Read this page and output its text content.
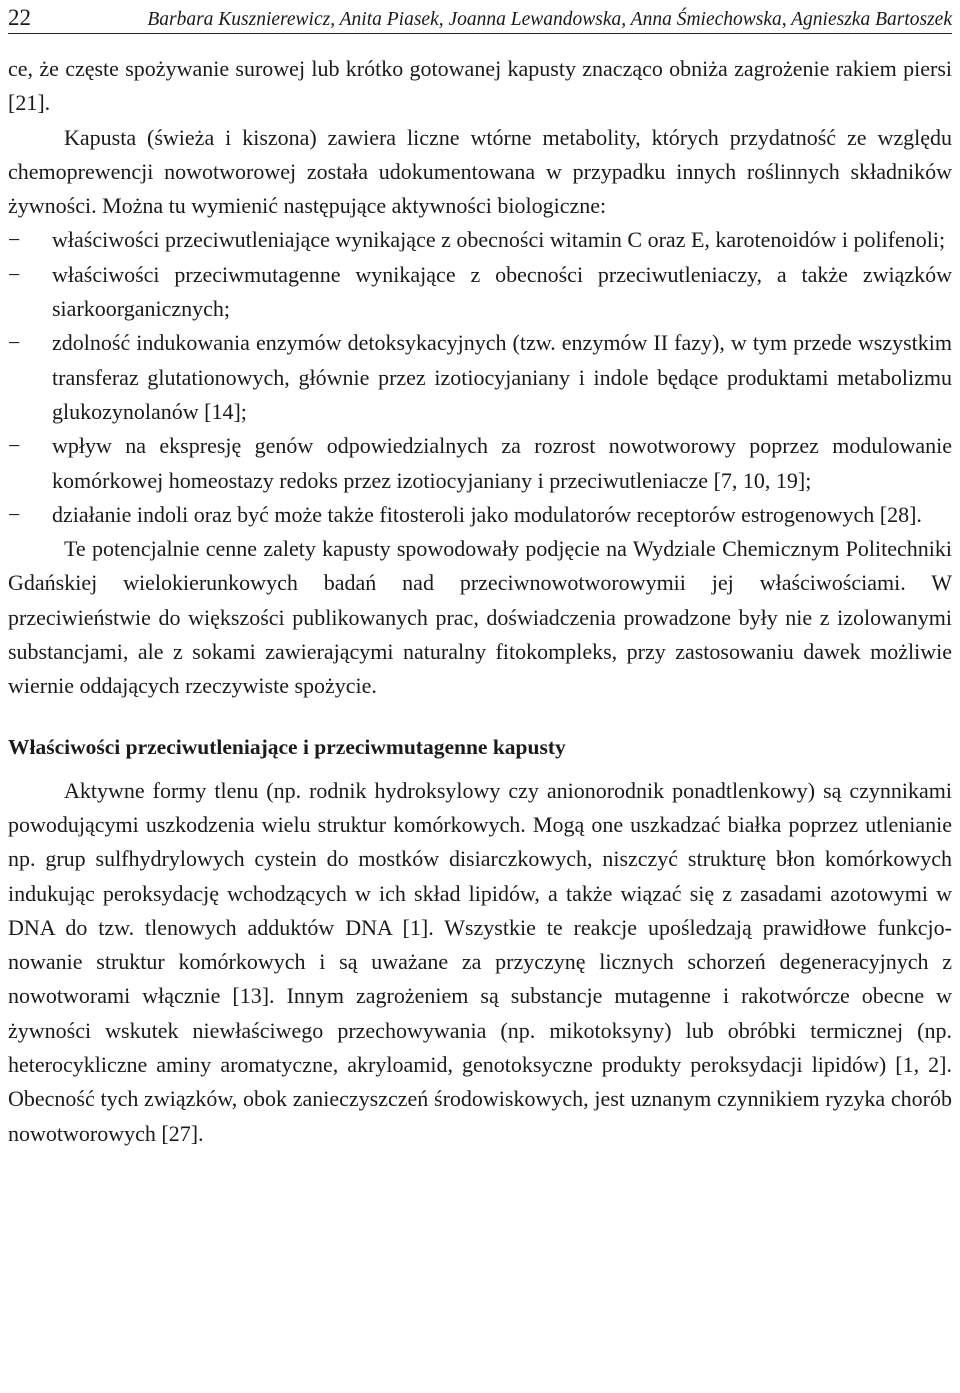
22	Barbara Kusznierewicz, Anita Piasek, Joanna Lewandowska, Anna Śmiechowska, Agnieszka Bartoszek

ce, że częste spożywanie surowej lub krótko gotowanej kapusty znacząco obniża zagrożenie rakiem piersi [21].

Kapusta (świeża i kiszona) zawiera liczne wtórne metabolity, których przydatność ze względu chemoprewencji nowotworowej została udokumentowana w przypadku innych roślinnych składników żywności. Można tu wymienić następujące aktywności biologiczne:

− właściwości przeciwutleniające wynikające z obecności witamin C oraz E, karotenoidów i polifenoli;
− właściwości przeciwmutagenne wynikające z obecności przeciwutleniaczy, a także związków siarkoorganicznych;
− zdolność indukowania enzymów detoksykacyjnych (tzw. enzymów II fazy), w tym przede wszystkim transferaz glutationowych, głównie przez izotiocyjaniany i indole będące produktami metabolizmu glukozynolanów [14];
− wpływ na ekspresję genów odpowiedzialnych za rozrost nowotworowy poprzez modulowanie komórkowej homeostazy redoks przez izotiocyjaniany i przeciwutleniacze [7, 10, 19];
− działanie indoli oraz być może także fitosteroli jako modulatorów receptorów estrogenowych [28].

Te potencjalnie cenne zalety kapusty spowodowały podjęcie na Wydziale Chemicznym Politechniki Gdańskiej wielokierunkowych badań nad przeciwnowotworowymii jej właściwościami. W przeciwieństwie do większości publikowanych prac, doświadczenia prowadzone były nie z izolowanymi substancjami, ale z sokami zawierającymi naturalny fitokompleks, przy zastosowaniu dawek możliwie wiernie oddających rzeczywiste spożycie.

Właściwości przeciwutleniające i przeciwmutagenne kapusty

Aktywne formy tlenu (np. rodnik hydroksylowy czy anionorodnik ponadtlenkowy) są czynnikami powodującymi uszkodzenia wielu struktur komórkowych. Mogą one uszkadzać białka poprzez utlenianie np. grup sulfhydrylowych cystein do mostków disiarczkowych, niszczyć strukturę błon komórkowych indukując peroksydację wchodzących w ich skład lipidów, a także wiązać się z zasadami azotowymi w DNA do tzw. tlenowych adduktów DNA [1]. Wszystkie te reakcje upośledzają prawidłowe funkcjonowanie struktur komórkowych i są uważane za przyczynę licznych schorzeń degeneracyjnych z nowotworami włącznie [13]. Innym zagrożeniem są substancje mutagenne i rakotwórcze obecne w żywności wskutek niewłaściwego przechowywania (np. mikotoksyny) lub obróbki termicznej (np. heterocykliczne aminy aromatyczne, akryloamid, genotoksyczne produkty peroksydacji lipidów) [1, 2]. Obecność tych związków, obok zanieczyszczeń środowiskowych, jest uznanym czynnikiem ryzyka chorób nowotworowych [27].
